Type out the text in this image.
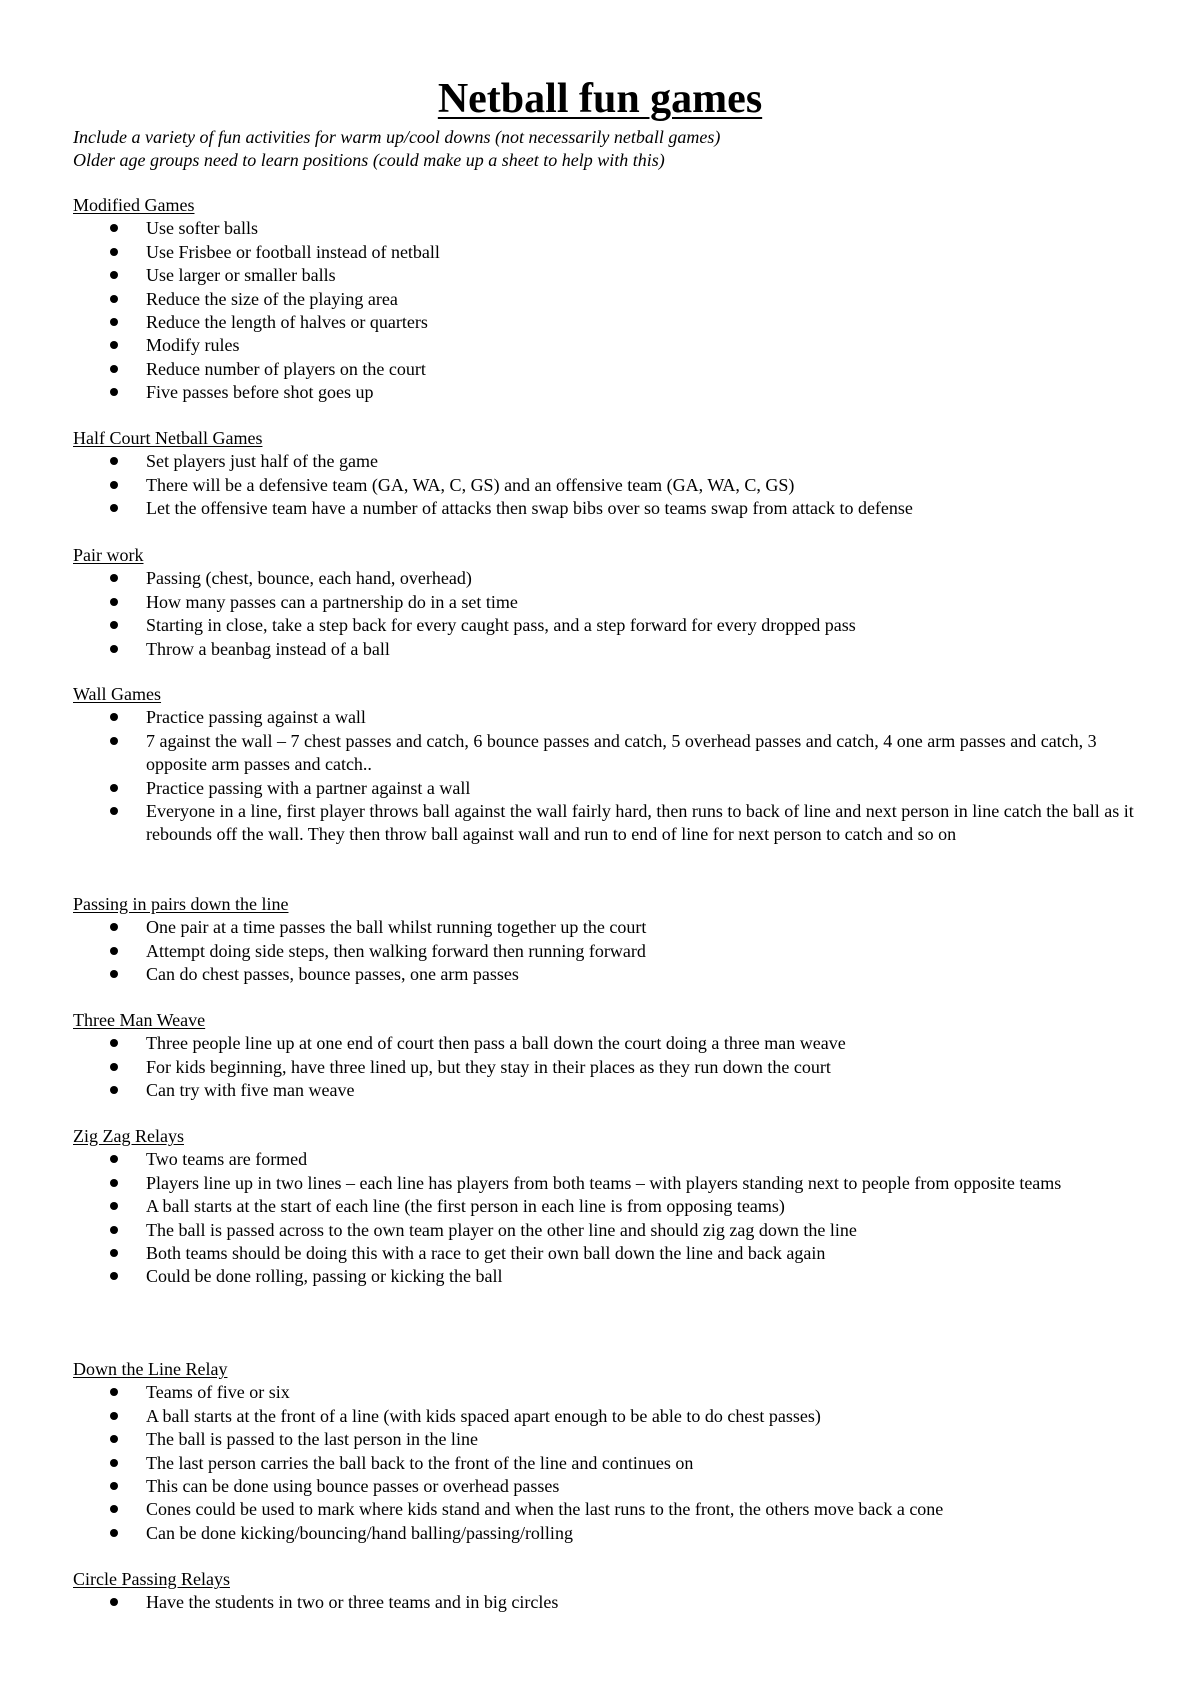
Netball fun games
Include a variety of fun activities for warm up/cool downs (not necessarily netball games)
Older age groups need to learn positions (could make up a sheet to help with this)
Modified Games
Use softer balls
Use Frisbee or football instead of netball
Use larger or smaller balls
Reduce the size of the playing area
Reduce the length of halves or quarters
Modify rules
Reduce number of players on the court
Five passes before shot goes up
Half Court Netball Games
Set players just half of the game
There will be a defensive team (GA, WA, C, GS) and an offensive team (GA, WA, C, GS)
Let the offensive team have a number of attacks then swap bibs over so teams swap from attack to defense
Pair work
Passing (chest, bounce, each hand, overhead)
How many passes can a partnership do in a set time
Starting in close, take a step back for every caught pass, and a step forward for every dropped pass
Throw a beanbag instead of a ball
Wall Games
Practice passing against a wall
7 against the wall – 7 chest passes and catch, 6 bounce passes and catch, 5 overhead passes and catch, 4 one arm passes and catch, 3 opposite arm passes and catch..
Practice passing with a partner against a wall
Everyone in a line, first player throws ball against the wall fairly hard, then runs to back of line and next person in line catch the ball as it rebounds off the wall. They then throw ball against wall and run to end of line for next person to catch and so on
Passing in pairs down the line
One pair at a time passes the ball whilst running together up the court
Attempt doing side steps, then walking forward then running forward
Can do chest passes, bounce passes, one arm passes
Three Man Weave
Three people line up at one end of court then pass a ball down the court doing a three man weave
For kids beginning, have three lined up, but they stay in their places as they run down the court
Can try with five man weave
Zig Zag Relays
Two teams are formed
Players line up in two lines – each line has players from both teams – with players standing next to people from opposite teams
A ball starts at the start of each line (the first person in each line is from opposing teams)
The ball is passed across to the own team player on the other line and should zig zag down the line
Both teams should be doing this with a race to get their own ball down the line and back again
Could be done rolling, passing or kicking the ball
Down the Line Relay
Teams of five or six
A ball starts at the front of a line (with kids spaced apart enough to be able to do chest passes)
The ball is passed to the last person in the line
The last person carries the ball back to the front of the line and continues on
This can be done using bounce passes or overhead passes
Cones could be used to mark where kids stand and when the last runs to the front, the others move back a cone
Can be done kicking/bouncing/hand balling/passing/rolling
Circle Passing Relays
Have the students in two or three teams and in big circles
